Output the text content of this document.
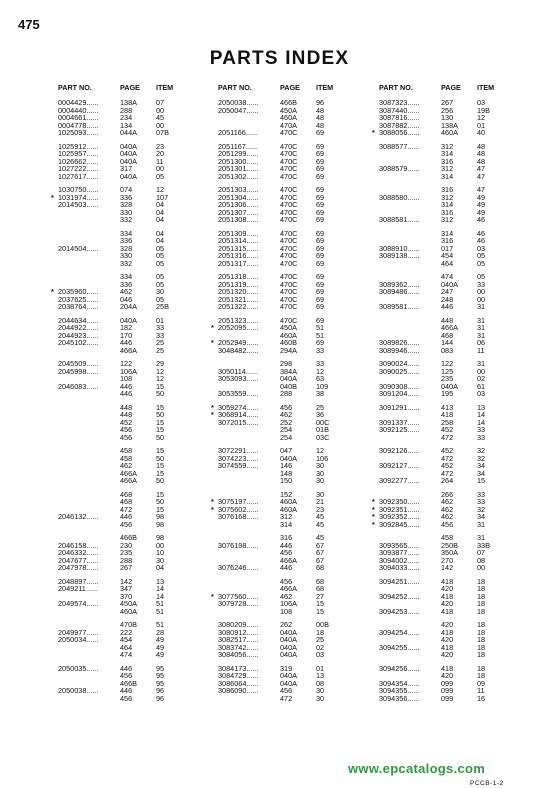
475
PARTS INDEX
PART NO.	PAGE ITEM
0004429......	138A	07
0004440......	288	00
0004661......	234	45
0004778......	134	00
1025093......	044A	07B
1025912......	040A	23
1025957......	040A	20
1026662......	040A	11
1027222......	317	00
1027617......	040A	05
1030750......	074	12
* 1031974......	336	107
2014503......	328	04
330	04
332	04
334	04
336	04
2014504......	328	05
330	05
332	05
334	05
336	05
* 2035960......	462	30
2037625......	046	05
2038764......	204A	25B
2044634......	040A	01
2044922......	182	33
2044923......	170	33
2045102......	446	25
466A	25
2045509......	122	29
2045998......	106A	12
108	12
2046083......	446	15
446	50
448	15
448	50
452	15
456	15
456	50
458	15
458	50
462	15
466A	15
466A	50
468	15
468	50
472	15
2046132......	446	98
456	98
466B	98
2046158......	230	00
2046332......	235	10
2047677......	288	30
2047978......	267	04
2048897......	142	13
2049211......	347	14
370	14
2049574......	450A	51
460A	51
470B	51
2049977......	222	28
2050034......	454	49
464	49
474	49
2050035......	446	95
456	95
466B	95
2050038......	446	96
456	96
PART NO.	PAGE ITEM
2050038......	466B	96
2050047......	450A	48
460A	48
470A	48
2051166......	470C	69
2051167......	470C	69
2051299......	470C	69
2051300......	470C	69
2051301......	470C	69
2051302......	470C	69
2051303......	470C	69
2051304......	470C	69
2051306......	470C	69
2051307......	470C	69
2051308......	470C	69
2051309......	470C	69
2051314......	470C	69
2051315......	470C	69
2051316......	470C	69
2051317......	470C	69
2051318......	470C	69
2051319......	470C	69
2051320......	470C	69
2051321......	470C	69
2051322......	470C	69
2051323......	470C	69
* 2052095......	450A	51
460A	51
* 2052949......	460B	69
3048482......	294A	33
298	33
3050114......	384A	12
3053093......	040A	63
040B	109
3053559......	288	38
* 3059274......	456	25
* 3068914......	462	36
3072015......	252	00C
254	01B
254	03C
3072291......	047	12
3074223......	040A	106
3074559......	146	30
148	30
150	30
152	30
* 3075197......	460A	21
* 3075602......	460A	23
3076168......	312	45
314	45
316	45
3076198......	446	67
456	67
466A	67
3076246......	446	68
456	68
466A	68
* 3077560......	462	27
3079728......	106A	15
108	15
3080209......	262	00B
3080912......	040A	18
3082517......	040A	25
3083742......	040A	02
3084056......	040A	03
3084173......	319	01
3084729......	040A	13
3086064......	040A	08
3086090......	456	30
472	30
PART NO.	PAGE ITEM
3087323......	267	03
3087440......	256	19B
3087816......	130	12
3087882......	138A	01
* 3088056......	460A	40
3088577......	312	48
314	48
316	48
3088579......	312	47
314	47
316	47
3088580......	312	49
314	49
316	49
3088581......	312	46
314	46
316	46
3088910......	017	03
3089138......	454	05
464	05
474	05
3089362......	040A	33
3089486......	247	00
248	00
3089581......	446	31
448	31
466A	31
468	31
3089826......	144	06
3089946......	083	11
3090024......	122	31
3090025......	125	00
235	02
3090308......	040A	61
3091204......	195	03
3091291......	413	13
418	14
3091337......	258	14
3092125......	452	33
472	33
3092126......	452	32
472	32
3092127......	452	34
472	34
3092277......	264	15
266	33
* 3092350......	462	33
* 3092351......	462	32
* 3092352......	462	34
* 3092845......	456	31
458	31
3093565......	250B	33B
3093877......	350A	07
3094002......	270	08
3094033......	142	00
3094251......	418	18
420	18
3094252......	418	18
420	18
3094253......	418	18
420	18
3094254......	418	18
420	18
3094255......	418	18
420	18
3094256......	418	18
420	18
3094354......	099	09
3094355......	099	11
3094356......	099	16
www.epcatalogs.com
PCCB-1-2
